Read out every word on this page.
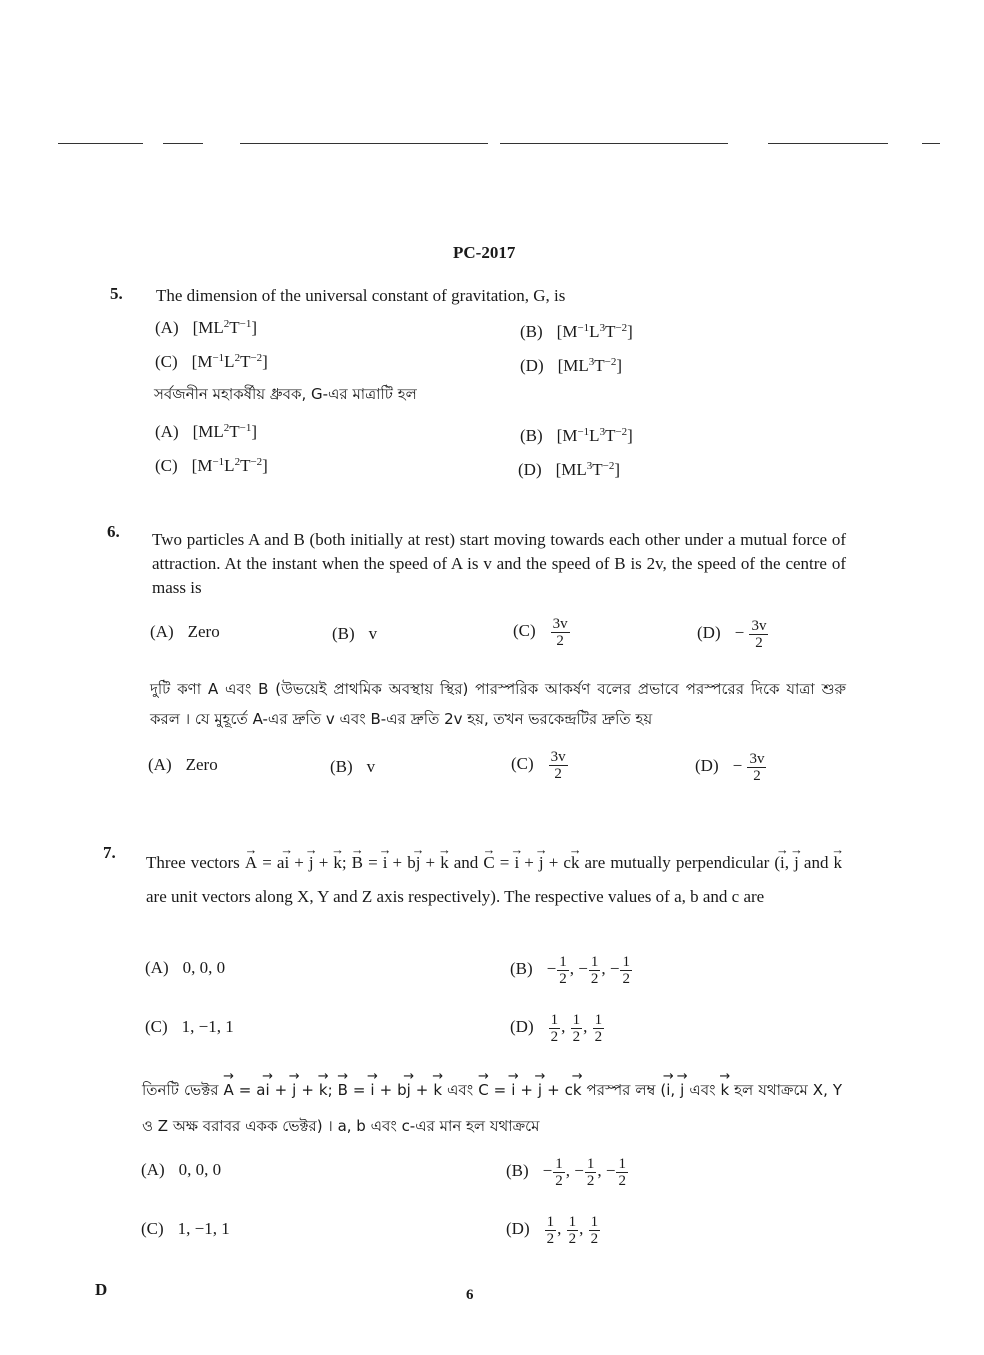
PC-2017
5. The dimension of the universal constant of gravitation, G, is
(A) $[ML^2T^{-1}]$	(B) $[M^{-1}L^3T^{-2}]$
(C) $[M^{-1}L^2T^{-2}]$	(D) $[ML^3T^{-2}]$
সর্বজনীন মহাকর্ষীয় ধ্রুবক, G-এর মাত্রাটি হল
(A) $[ML^2T^{-1}]$	(B) $[M^{-1}L^3T^{-2}]$
(C) $[M^{-1}L^2T^{-2}]$	(D) $[ML^3T^{-2}]$
6. Two particles A and B (both initially at rest) start moving towards each other under a mutual force of attraction. At the instant when the speed of A is v and the speed of B is 2v, the speed of the centre of mass is
(A) Zero	(B) v	$(C) \frac{3v}{2}$	$(D) - \frac{3v}{2}$
দুটি কণা A এবং B (উভয়েই প্রাথমিক অবস্থায় স্থির) পারস্পরিক আকর্ষণ বলের প্রভাবে পরস্পরের দিকে যাত্রা শুরু করল । যে মুহূর্তে A-এর দ্রুতি v এবং B-এর দ্রুতি 2v হয়, তখন ভরকেন্দ্রটির দ্রুতি হয়
(A) Zero	(B) v	$(C) \frac{3v}{2}$	$(D) - \frac{3v}{2}$
7.
Three vectors → A = a→ i + → j + → k; → B = → i + b→ j + → k and → C = → i + → j + c→ k are mutually perpendicular (→ i, → j and → k are unit vectors along X, Y and Z axis respectively). The respective values of a, b and c are
(A) 0, 0, 0	$(B) - \frac{1}{2}$ , − $\frac{1}{2}$ , − $\frac{1}{2}$
(C) 1, −1, 1	$(D) \frac{1}{2}$ , $\frac{1}{2}$ , $\frac{1}{2}$
তিনটি ভেক্টর → A = a→ i + → j + → k; → B = → i + b→ j + → k এবং → C = → i + → j + c→ k পরস্পর লম্ব (→ i, → j এবং → k হল যথাক্রমে X, Y ও Z অক্ষ বরাবর একক ভেক্টর) । a, b এবং c-এর মান হল যথাক্রমে
(A) 0, 0, 0	$(B) - \frac{1}{2}$ , − $\frac{1}{2}$ , − $\frac{1}{2}$
(C) 1, −1, 1	$(D) \frac{1}{2}$ , $\frac{1}{2}$ , $\frac{1}{2}$
D	6
